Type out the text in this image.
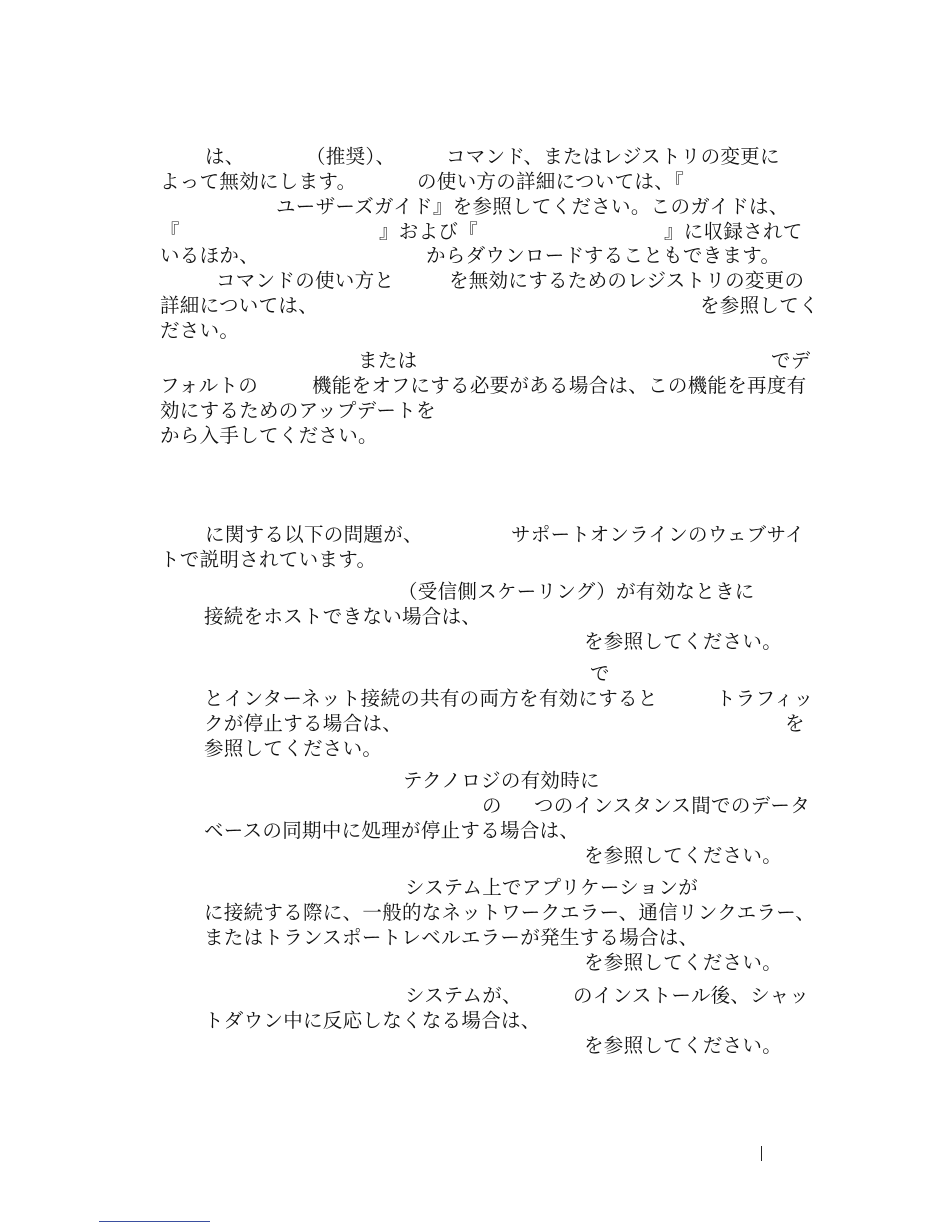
は、	（推奨）、	コマンド、またはレジストリの変更に
よって無効にします。	の使い方の詳細については、『
ユーザーズガイド』を参照してください。このガイドは、
『	』および『	』に収録されて
いるほか、	からダウンロードすることもできます。
コマンドの使い方と	を無効にするためのレジストリの変更の
詳細については、	を参照してく
ださい。
または	でデ
フォルトの	機能をオフにする必要がある場合は、この機能を再度有
効にするためのアップデートを
から入手してください。
に関する以下の問題が、	サポートオンラインのウェブサイ
トで説明されています。
（受信側スケーリング）が有効なときに
接続をホストできない場合は、
を参照してください。
で
とインターネット接続の共有の両方を有効にすると	トラフィッ
クが停止する場合は、	を
参照してください。
テクノロジの有効時に
の つのインスタンス間でのデータ
ベースの同期中に処理が停止する場合は、
を参照してください。
システム上でアプリケーションが
に接続する際に、一般的なネットワークエラー、通信リンクエラー、
またはトランスポートレベルエラーが発生する場合は、
を参照してください。
システムが、	のインストール後、シャッ
トダウン中に反応しなくなる場合は、
を参照してください。
